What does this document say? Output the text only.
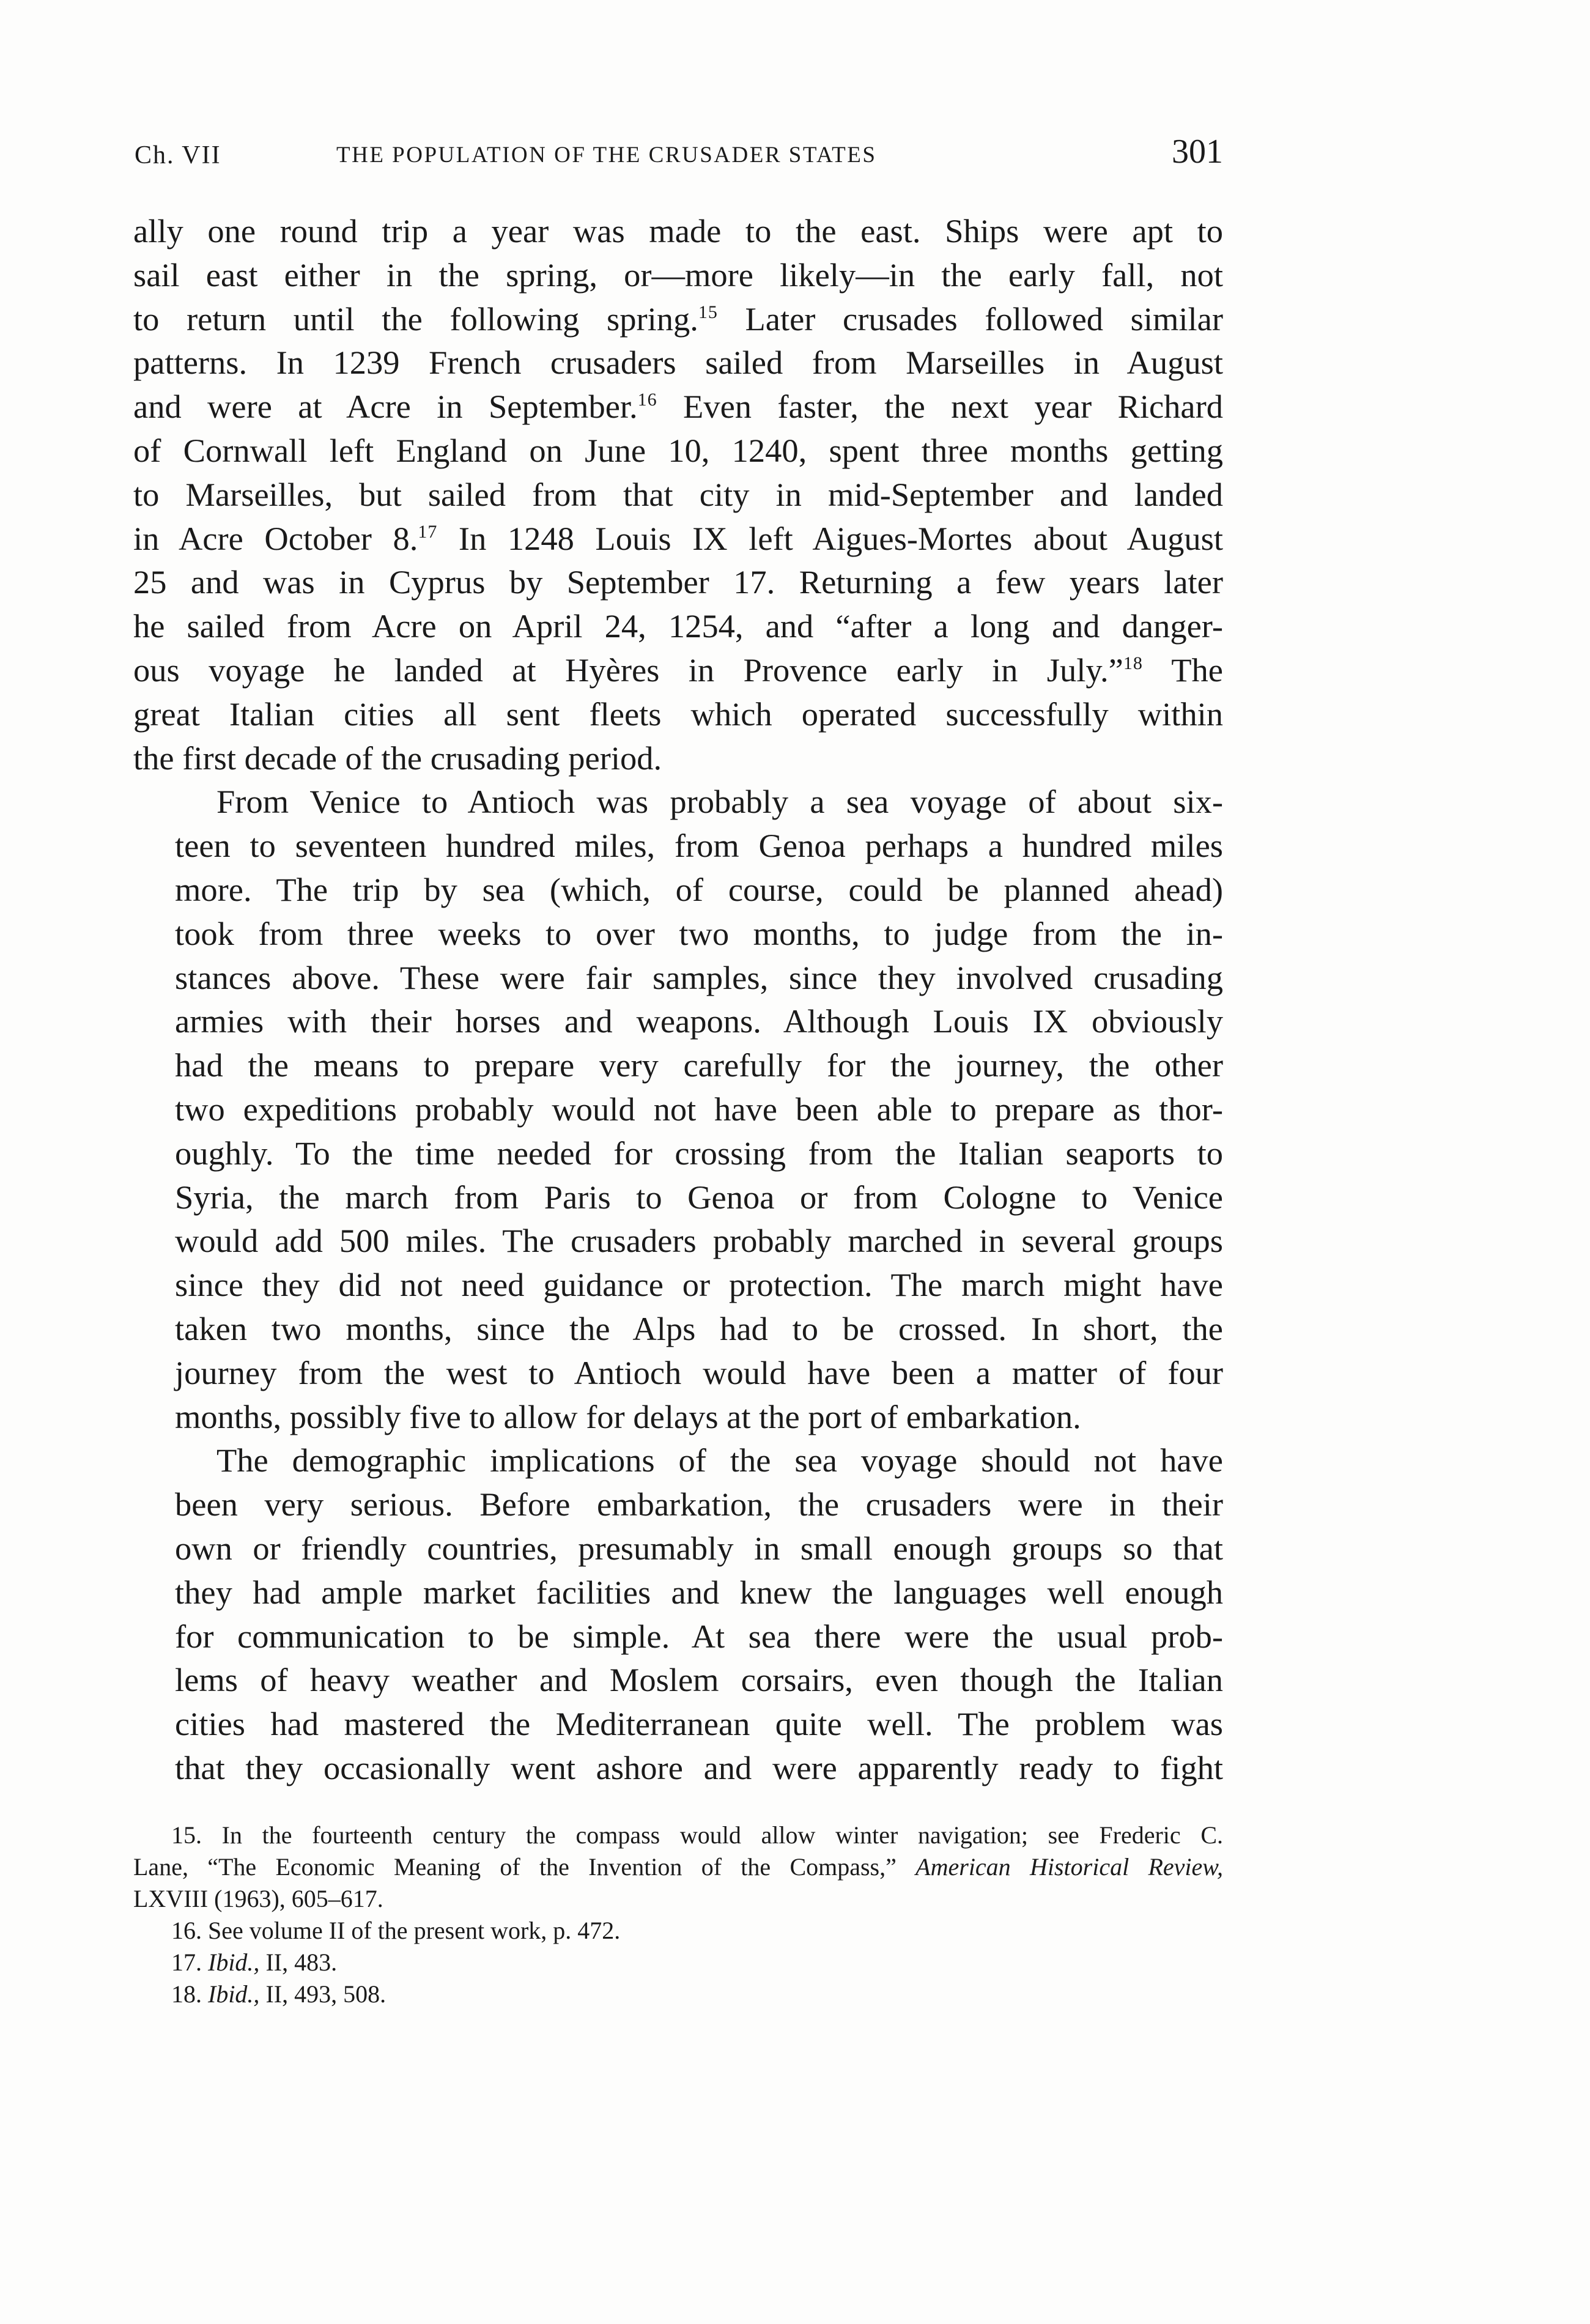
Ch. VII	THE POPULATION OF THE CRUSADER STATES	301

ally one round trip a year was made to the east. Ships were apt to
sail east either in the spring, or—more likely—in the early fall, not
to return until the following spring.$^{15}$ Later crusades followed similar
patterns. In 1239 French crusaders sailed from Marseilles in August
and were at Acre in September.$^{16}$ Even faster, the next year Richard
of Cornwall left England on June 10, 1240, spent three months getting
to Marseilles, but sailed from that city in mid-September and landed
in Acre October 8.17 In 1248 Louis IX left Aigues-Mortes about August
25 and was in Cyprus by September 17. Returning a few years later
he sailed from Acre on April 24, 1254, and “after a long and danger-
ous voyage he landed at Hyères in Provence early in July.”$^{18}$ The
great Italian cities all sent fleets which operated successfully within
the first decade of the crusading period.

From Venice to Antioch was probably a sea voyage of about six-
teen to seventeen hundred miles, from Genoa perhaps a hundred miles
more. The trip by sea (which, of course, could be planned ahead)
took from three weeks to over two months, to judge from the in-
stances above. These were fair samples, since they involved crusading
armies with their horses and weapons. Although Louis IX obviously
had the means to prepare very carefully for the journey, the other
two expeditions probably would not have been able to prepare as thor-
oughly. To the time needed for crossing from the Italian seaports to
Syria, the march from Paris to Genoa or from Cologne to Venice
would add 500 miles. The crusaders probably marched in several groups
since they did not need guidance or protection. The march might have
taken two months, since the Alps had to be crossed. In short, the
journey from the west to Antioch would have been a matter of four
months, possibly five to allow for delays at the port of embarkation.

The demographic implications of the sea voyage should not have
been very serious. Before embarkation, the crusaders were in their
own or friendly countries, presumably in small enough groups so that
they had ample market facilities and knew the languages well enough
for communication to be simple. At sea there were the usual prob-
lems of heavy weather and Moslem corsairs, even though the Italian
cities had mastered the Mediterranean quite well. The problem was
that they occasionally went ashore and were apparently ready to fight

15. In the fourteenth century the compass would allow winter navigation; see Frederic C.
Lane, “The Economic Meaning of the Invention of the Compass,” American Historical Review,
LXVIII (1963), 605–617.
16. See volume II of the present work, p. 472.
17. Ibid., II, 483.
18. Ibid., II, 493, 508.
